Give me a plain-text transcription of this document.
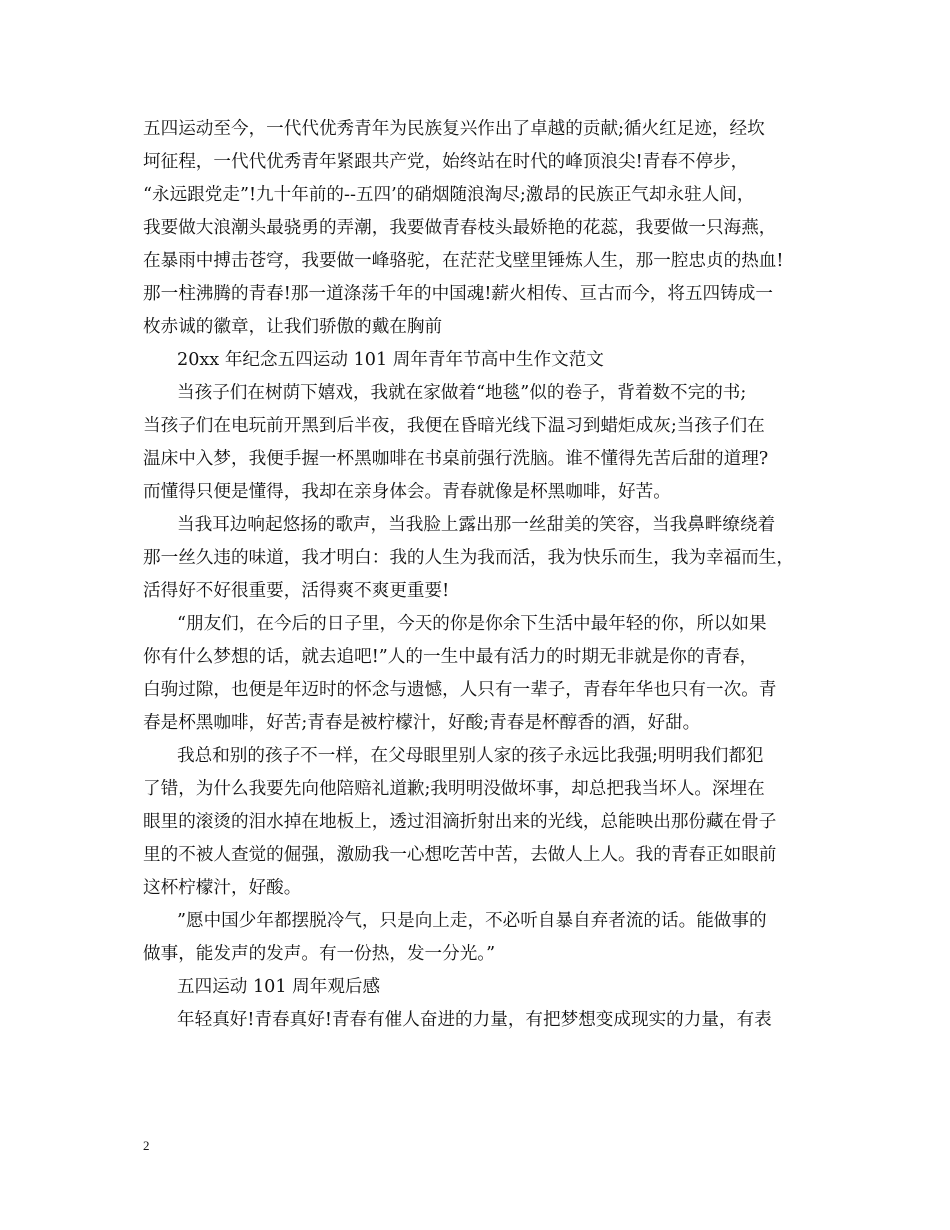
五四运动至今，一代代优秀青年为民族复兴作出了卓越的贡献;循火红足迹，经坎
坷征程，一代代优秀青年紧跟共产党，始终站在时代的峰顶浪尖!青春不停步，
“永远跟党走”!九十年前的--五四’的硝烟随浪淘尽;激昂的民族正气却永驻人间，
我要做大浪潮头最骁勇的弄潮，我要做青春枝头最娇艳的花蕊，我要做一只海燕，
在暴雨中搏击苍穹，我要做一峰骆驼，在茫茫戈壁里锤炼人生，那一腔忠贞的热血!
那一柱沸腾的青春!那一道涤荡千年的中国魂!薪火相传、亘古而今，将五四铸成一
枚赤诚的徽章，让我们骄傲的戴在胸前

20xx 年纪念五四运动 101 周年青年节高中生作文范文

当孩子们在树荫下嬉戏，我就在家做着“地毯”似的卷子，背着数不完的书;
当孩子们在电玩前开黑到后半夜，我便在昏暗光线下温习到蜡炬成灰;当孩子们在
温床中入梦，我便手握一杯黑咖啡在书桌前强行洗脑。谁不懂得先苦后甜的道理?
而懂得只便是懂得，我却在亲身体会。青春就像是杯黑咖啡，好苦。

当我耳边响起悠扬的歌声，当我脸上露出那一丝甜美的笑容，当我鼻畔缭绕着
那一丝久违的味道，我才明白：我的人生为我而活，我为快乐而生，我为幸福而生，
活得好不好很重要，活得爽不爽更重要!

“朋友们，在今后的日子里，今天的你是你余下生活中最年轻的你，所以如果
你有什么梦想的话，就去追吧!”人的一生中最有活力的时期无非就是你的青春，
白驹过隙，也便是年迈时的怀念与遗憾，人只有一辈子，青春年华也只有一次。青
春是杯黑咖啡，好苦;青春是被柠檬汁，好酸;青春是杯醇香的酒，好甜。

我总和别的孩子不一样，在父母眼里别人家的孩子永远比我强;明明我们都犯
了错，为什么我要先向他陪赔礼道歉;我明明没做坏事，却总把我当坏人。深埋在
眼里的滚烫的泪水掉在地板上，透过泪滴折射出来的光线，总能映出那份藏在骨子
里的不被人查觉的倔强，激励我一心想吃苦中苦，去做人上人。我的青春正如眼前
这杯柠檬汁，好酸。

”愿中国少年都摆脱冷气，只是向上走，不必听自暴自弃者流的话。能做事的
做事，能发声的发声。有一份热，发一分光。”

五四运动 101 周年观后感

年轻真好!青春真好!青春有催人奋进的力量，有把梦想变成现实的力量，有表

2
